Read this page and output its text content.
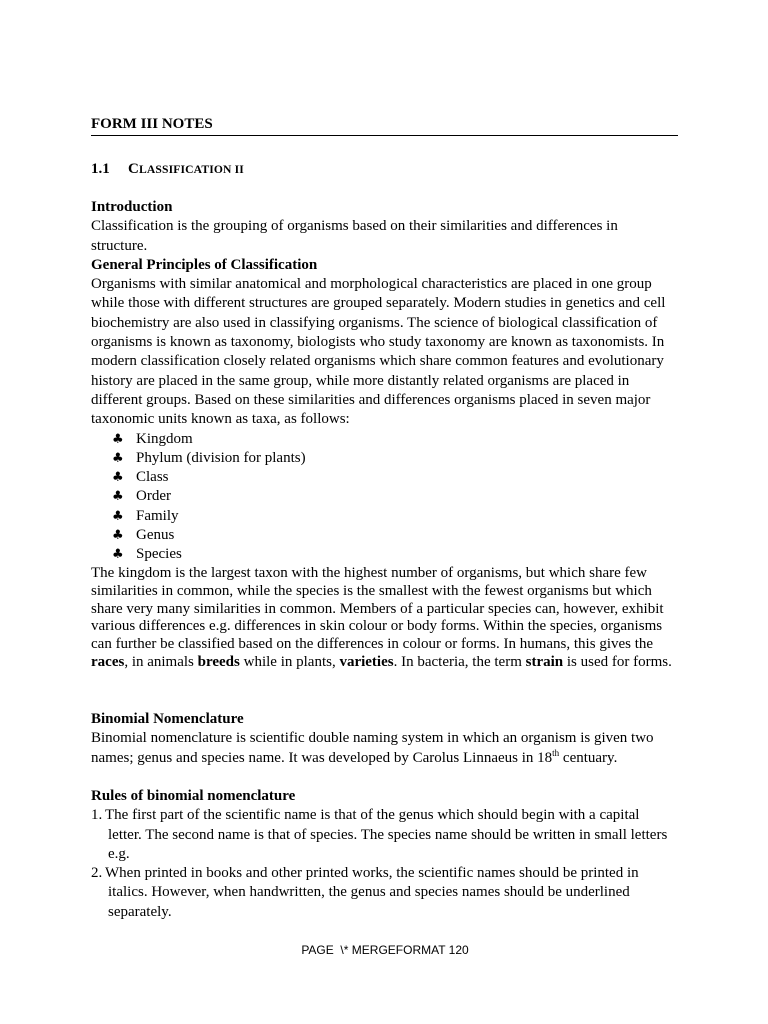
FORM III NOTES
1.1 CLASSIFICATION II
Introduction
Classification is the grouping of organisms based on their similarities and differences in
structure.
General Principles of Classification
Organisms with similar anatomical and morphological characteristics are placed in one group
while those with different structures are grouped separately. Modern studies in genetics and cell
biochemistry are also used in classifying organisms. The science of biological classification of
organisms is known as taxonomy, biologists who study taxonomy are known as taxonomists. In
modern classification closely related organisms which share common features and evolutionary
history are placed in the same group, while more distantly related organisms are placed in
different groups. Based on these similarities and differences organisms placed in seven major
taxonomic units known as taxa, as follows:
♣
Kingdom
♣
Phylum (division for plants)
♣
Class
♣
Order
♣
Family
♣
Genus
♣
Species
The kingdom is the largest taxon with the highest number of organisms, but which share few
similarities in common, while the species is the smallest with the fewest organisms but which
share very many similarities in common. Members of a particular species can, however, exhibit
various differences e.g. differences in skin colour or body forms. Within the species, organisms
can further be classified based on the differences in colour or forms. In humans, this gives the
races, in animals breeds while in plants, varieties. In bacteria, the term strain is used for forms.
Binomial Nomenclature
Binomial nomenclature is scientific double naming system in which an organism is given two
names; genus and species name. It was developed by Carolus Linnaeus in 18th centuary.
Rules of binomial nomenclature
1. The first part of the scientific name is that of the genus which should begin with a capital
letter. The second name is that of species. The species name should be written in small letters
e.g.
2. When printed in books and other printed works, the scientific names should be printed in
italics. However, when handwritten, the genus and species names should be underlined
separately.
PAGE  \* MERGEFORMAT 120
